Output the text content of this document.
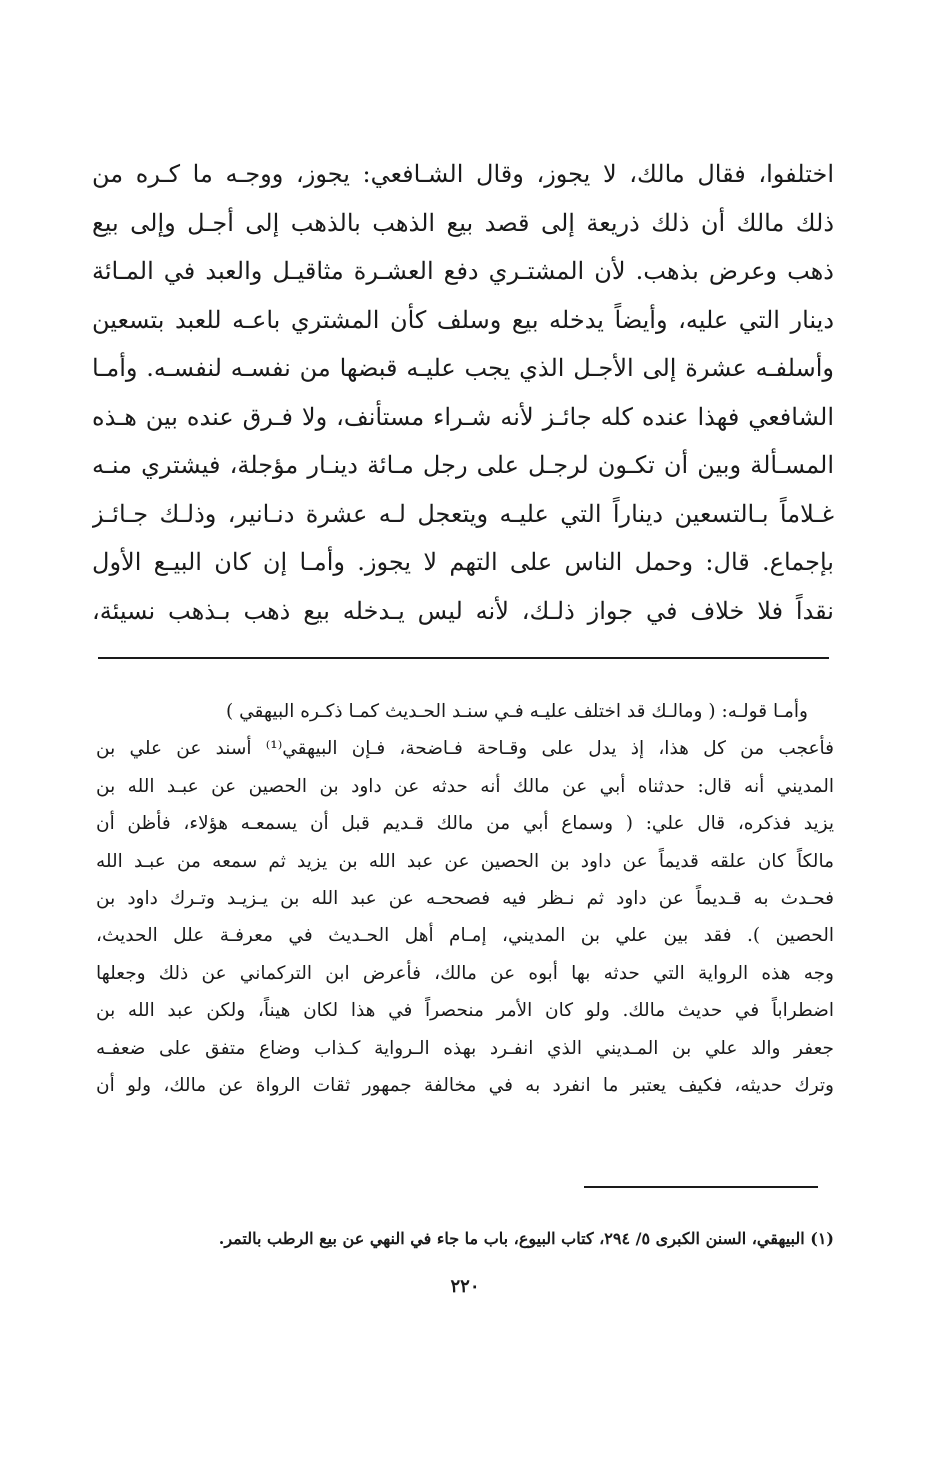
اختلفوا، فقال مالك، لا يجوز، وقال الشـافعي: يجوز، ووجـه ما كـره من
ذلك مالك أن ذلك ذريعة إلى قصد بيع الذهب بالذهب إلى أجـل وإلى بيع
ذهب وعرض بذهب. لأن المشتـري دفع العشـرة مثاقيـل والعبد في المـائة
دينار التي عليه، وأيضاً يدخله بيع وسلف كأن المشتري باعـه للعبد بتسعين
وأسلفـه عشرة إلى الأجـل الذي يجب عليـه قبضها من نفسـه لنفسـه. وأمـا
الشافعي فهذا عنده كله جائـز لأنه شـراء مستأنف، ولا فـرق عنده بين هـذه
المسـألة وبين أن تكـون لرجـل على رجل مـائة دينـار مؤجلة، فيشتري منـه
غـلاماً بـالتسعين ديناراً التي عليـه ويتعجل لـه عشرة دنـانير، وذلـك جـائـز
بإجماع. قال: وحمل الناس على التهم لا يجوز. وأمـا إن كان البيـع الأول
نقداً فلا خلاف في جواز ذلـك، لأنه ليس يـدخله بيع ذهب بـذهب نسيئة،
وأمـا قولـه: ( ومالـك قد اختلف عليـه فـي سنـد الحـديث كمـا ذكـره البيهقي )
فأعجب من كل هذا، إذ يدل على وقـاحة فـاضحة، فـإن البيهقي⁽¹⁾ أسند عن علي بن
المديني أنه قال: حدثناه أبي عن مالك أنه حدثه عن داود بن الحصين عن عبـد الله بن
يزيد فذكره، قال علي: ( وسماع أبي من مالك قـديم قبل أن يسمعـه هؤلاء، فأظن أن
مالكاً كان علقه قديماً عن داود بن الحصين عن عبد الله بن يزيد ثم سمعه من عبـد الله
فحـدث به قـديماً عن داود ثم نـظر فيه فصححـه عن عبد الله بن يـزيـد وتـرك داود بن
الحصين ). فقد بين علي بن المديني، إمـام أهل الحـديث في معرفـة علل الحديث،
وجه هذه الرواية التي حدثه بها أبوه عن مالك، فأعرض ابن التركماني عن ذلك وجعلها
اضطراباً في حديث مالك. ولو كان الأمر منحصراً في هذا لكان هيناً، ولكن عبد الله بن
جعفر والد علي بن المـديني الذي انفـرد بهذه الـرواية كـذاب وضاع متفق على ضعفـه
وترك حديثه، فكيف يعتبر ما انفرد به في مخالفة جمهور ثقات الرواة عن مالك، ولو أن
(١) البيهقي، السنن الكبرى ٥/ ٢٩٤، كتاب البيوع، باب ما جاء في النهي عن بيع الرطب بالتمر.
٢٢٠
